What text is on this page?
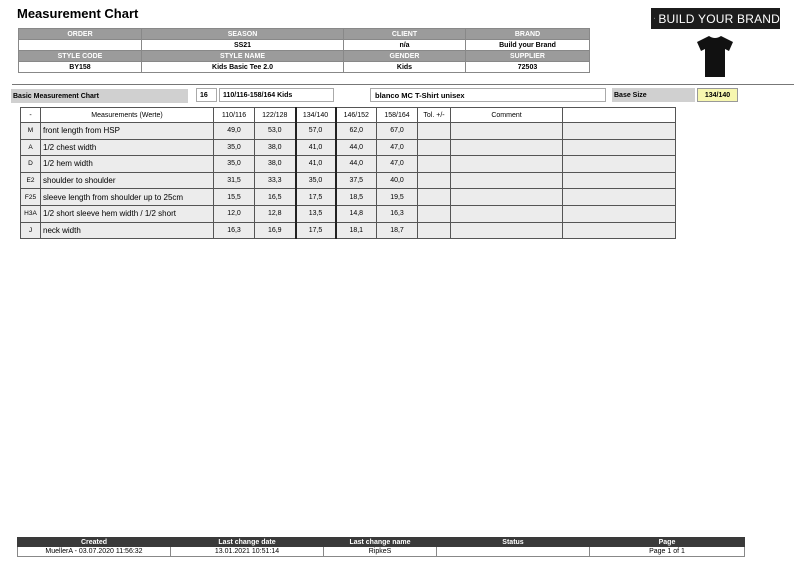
Measurement Chart	BUILD YOUR BRAND
ORDER	SEASON	CLIENT	BRAND
	SS21	n/a	Build your Brand
STYLE CODE	STYLE NAME	GENDER	SUPPLIER
BY158	Kids Basic Tee 2.0	Kids	72503
Basic Measurement Chart	16	110/116-158/164 Kids	blanco MC T-Shirt unisex	Base Size	134/140
-	Measurements (Werte)	110/116	122/128	134/140	146/152	158/164	Tol. +/-	Comment	
M	front length from HSP	49,0	53,0	57,0	62,0	67,0			
A	1/2 chest width	35,0	38,0	41,0	44,0	47,0			
D	1/2 hem width	35,0	38,0	41,0	44,0	47,0			
E2	shoulder to shoulder	31,5	33,3	35,0	37,5	40,0			
F25	sleeve length from shoulder up to 25cm	15,5	16,5	17,5	18,5	19,5			
H3A	1/2 short sleeve hem width / 1/2 short	12,0	12,8	13,5	14,8	16,3			
J	neck width	16,3	16,9	17,5	18,1	18,7			
Created	Last change date	Last change name	Status	Page
MuellerA - 03.07.2020 11:56:32	13.01.2021 10:51:14	RipkeS		Page 1 of 1
